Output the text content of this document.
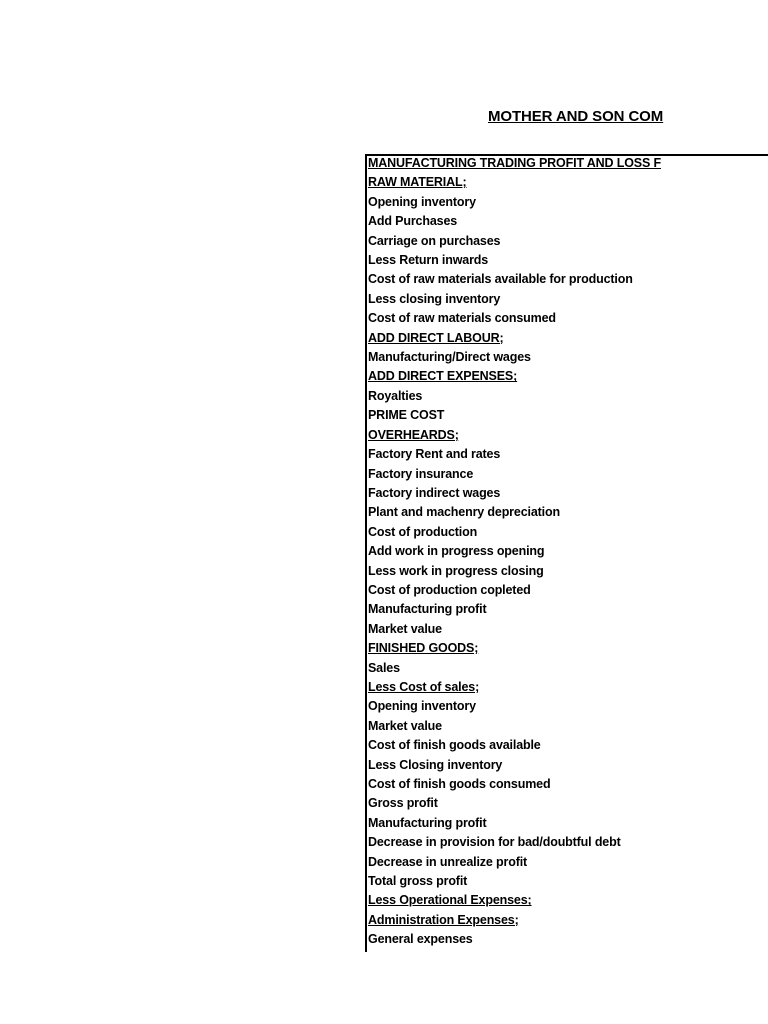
MOTHER AND SON COM
MANUFACTURING TRADING PROFIT AND LOSS F
RAW MATERIAL;
Opening inventory
Add Purchases
Carriage on purchases
Less Return inwards
Cost of raw materials available for production
Less closing inventory
Cost of raw materials consumed
ADD DIRECT LABOUR;
Manufacturing/Direct wages
ADD DIRECT EXPENSES;
Royalties
PRIME COST
OVERHEARDS;
Factory Rent and rates
Factory insurance
Factory indirect wages
Plant and machenry depreciation
Cost of production
Add work in progress opening
Less work in progress closing
Cost of production copleted
Manufacturing profit
Market value
FINISHED GOODS;
Sales
Less Cost of sales;
Opening inventory
Market value
Cost of finish goods available
Less Closing inventory
Cost of finish goods consumed
Gross profit
Manufacturing profit
Decrease in provision for bad/doubtful debt
Decrease in unrealize profit
Total gross profit
Less Operational Expenses;
Administration Expenses;
General expenses
